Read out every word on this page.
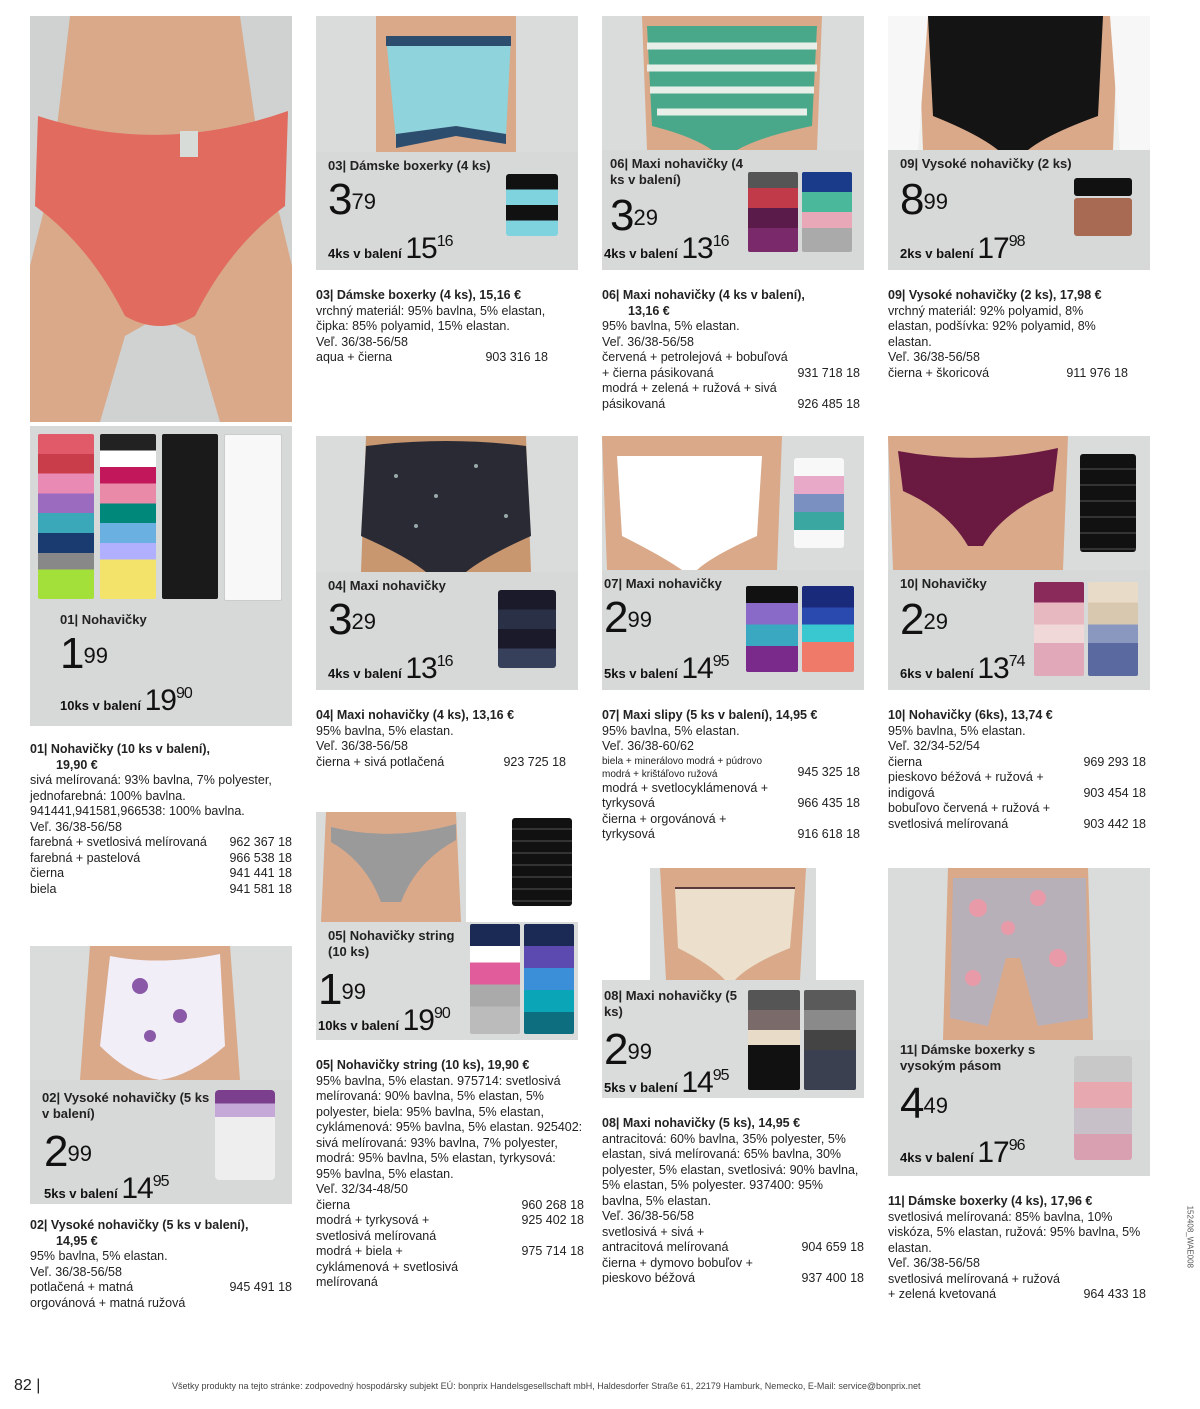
01| Nohavičky
$1^{99}$
10ks v balení $19^{90}$
01| Nohavičky (10 ks v balení),
19,90 €
sivá melírovaná: 93% bavlna, 7% polyester, jednofarebná: 100% bavlna. 941441,941581,966538: 100% bavlna.
Veľ. 36/38-56/58
farebná + svetlosivá melírovaná	962 367 18
farebná + pastelová	966 538 18
čierna	941 441 18
biela	941 581 18
02| Vysoké nohavičky (5 ks v balení)
$2^{99}$
5ks v balení $14^{95}$
02| Vysoké nohavičky (5 ks v balení),
14,95 €
95% bavlna, 5% elastan.
Veľ. 36/38-56/58
potlačená + matná orgovánová + matná ružová
945 491 18
03| Dámske boxerky (4 ks)
$3^{79}$
4ks v balení $15^{16}$
03| Dámske boxerky (4 ks), 15,16 €
vrchný materiál: 95% bavlna, 5% elastan, čipka: 85% polyamid, 15% elastan.
Veľ. 36/38-56/58
aqua + čierna	903 316 18
04| Maxi nohavičky
$3^{29}$
4ks v balení $13^{16}$
04| Maxi nohavičky (4 ks), 13,16 €
95% bavlna, 5% elastan.
Veľ. 36/38-56/58
čierna + sivá potlačená	923 725 18
05| Nohavičky string (10 ks)
$1^{99}$
10ks v balení $19^{90}$
05| Nohavičky string (10 ks), 19,90 €
95% bavlna, 5% elastan. 975714: svetlosivá melírovaná: 90% bavlna, 5% elastan, 5% polyester, biela: 95% bavlna, 5% elastan, cyklámenová: 95% bavlna, 5% elastan. 925402: sivá melírovaná: 93% bavlna, 7% polyester, modrá: 95% bavlna, 5% elastan, tyrkysová: 95% bavlna, 5% elastan.
Veľ. 32/34-48/50
čierna	960 268 18
modrá + tyrkysová + svetlosivá melírovaná
925 402 18
modrá + biela + cyklámenová + svetlosivá melírovaná
975 714 18
06| Maxi nohavičky (4 ks v balení)
$3^{29}$
4ks v balení $13^{16}$
06| Maxi nohavičky (4 ks v balení),
13,16 €
95% bavlna, 5% elastan.
Veľ. 36/38-56/58
červená + petrolejová + bobuľová + čierna pásikovaná	931 718 18
modrá + zelená + ružová + sivá pásikovaná	926 485 18
07| Maxi nohavičky
$2^{99}$
5ks v balení $14^{95}$
07| Maxi slipy (5 ks v balení), 14,95 €
95% bavlna, 5% elastan.
Veľ. 36/38-60/62
biela + minerálovo modrá + púdrovo modrá + krištáľovo ružová	945 325 18
modrá + svetlocyklámenová + tyrkysová	966 435 18
čierna + orgovánová + tyrkysová	916 618 18
08| Maxi nohavičky (5 ks)
$2^{99}$
5ks v balení $14^{95}$
08| Maxi nohavičky (5 ks), 14,95 €
antracitová: 60% bavlna, 35% polyester, 5% elastan, sivá melírovaná: 65% bavlna, 30% polyester, 5% elastan, svetlosivá: 90% bavlna, 5% elastan, 5% polyester. 937400: 95% bavlna, 5% elastan.
Veľ. 36/38-56/58
svetlosivá + sivá + antracitová melírovaná	904 659 18
čierna + dymovo bobuľov + pieskovo béžová	937 400 18
09| Vysoké nohavičky (2 ks)
$8^{99}$
2ks v balení $17^{98}$
09| Vysoké nohavičky (2 ks), 17,98 €
vrchný materiál: 92% polyamid, 8% elastan, podšívka: 92% polyamid, 8% elastan.
Veľ. 36/38-56/58
čierna + škoricová	911 976 18
10| Nohavičky
$2^{29}$
6ks v balení $13^{74}$
10| Nohavičky (6ks), 13,74 €
95% bavlna, 5% elastan.
Veľ. 32/34-52/54
čierna	969 293 18
pieskovo béžová + ružová + indigová	903 454 18
bobuľovo červená + ružová + svetlosivá melírovaná	903 442 18
11| Dámske boxerky s vysokým pásom
$4^{49}$
4ks v balení $17^{96}$
11| Dámske boxerky (4 ks), 17,96 €
svetlosivá melírovaná: 85% bavlna, 10% viskóza, 5% elastan, ružová: 95% bavlna, 5% elastan.
Veľ. 36/38-56/58
svetlosivá melírovaná + ružová + zelená kvetovaná	964 433 18
82 |	Všetky produkty na tejto stránke: zodpovedný hospodársky subjekt EÚ: bonprix Handelsgesellschaft mbH, Haldesdorfer Straße 61, 22179 Hamburk, Nemecko, E-Mail: service@bonprix.net
152408_WAE008
